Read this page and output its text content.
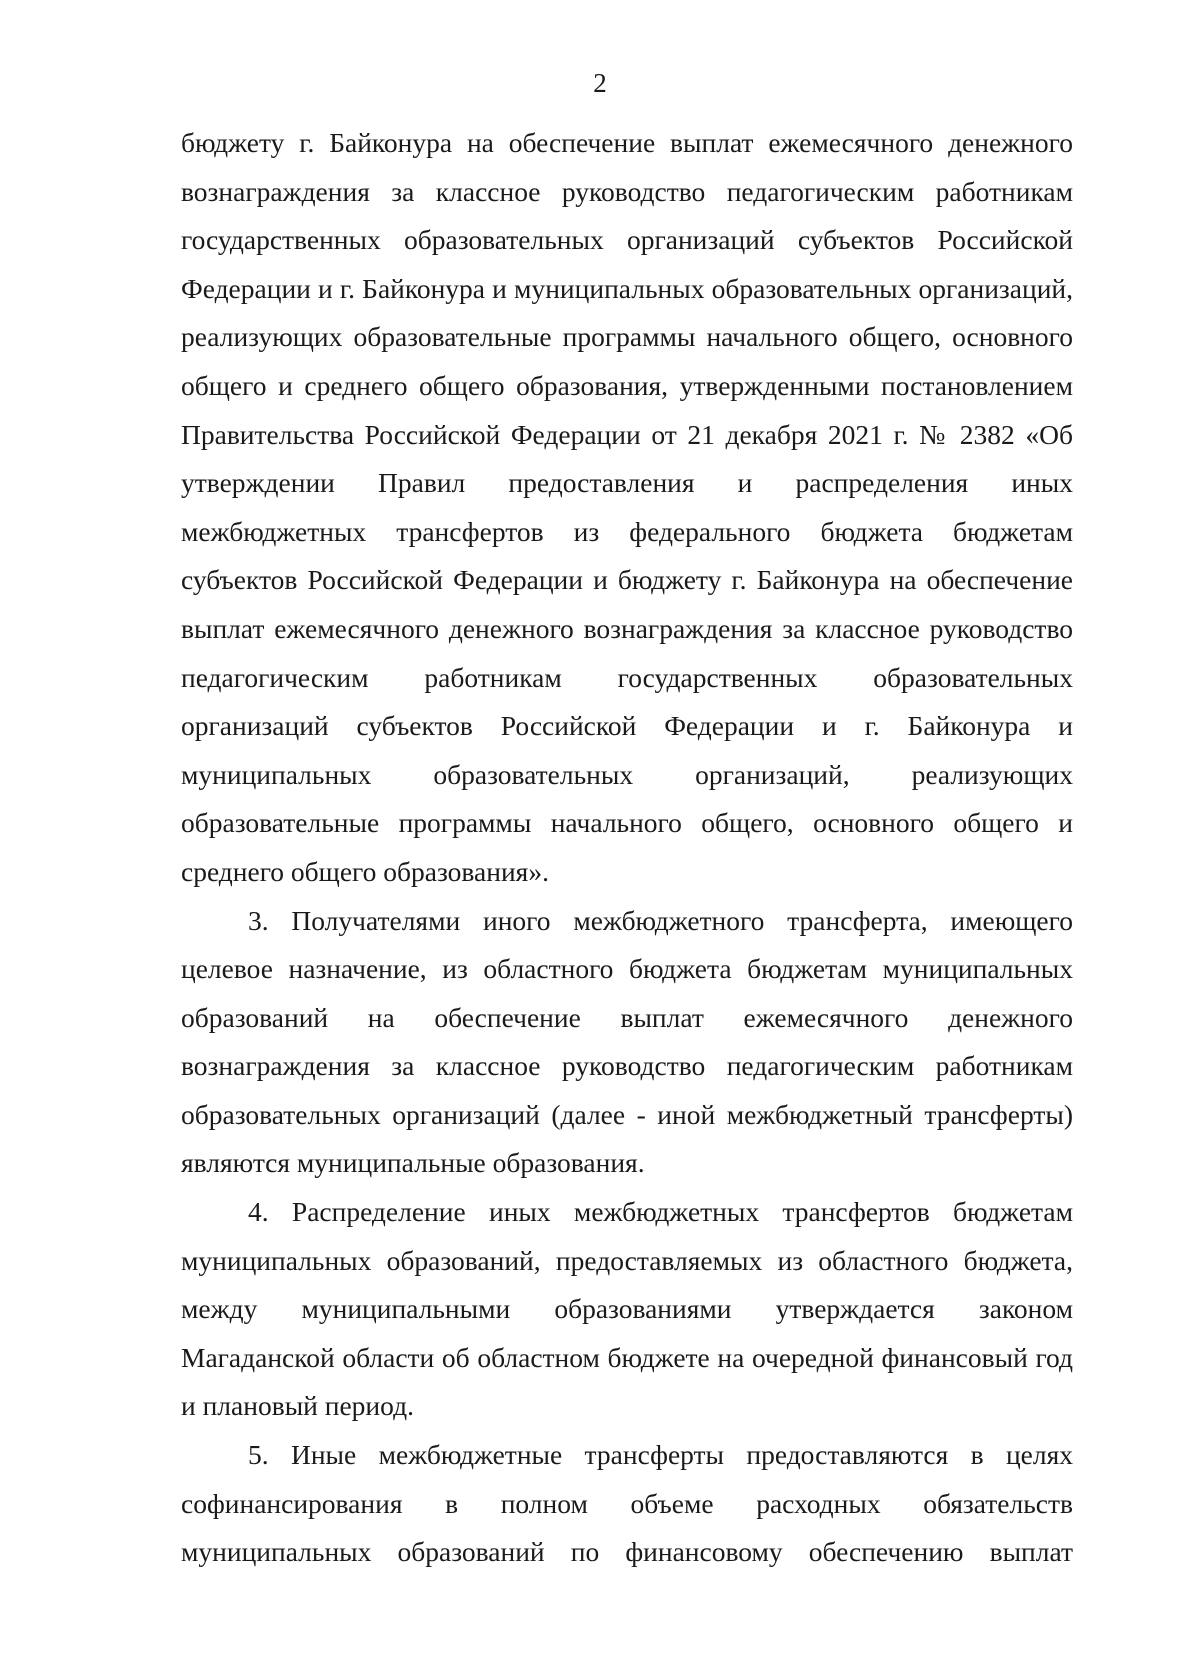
2

бюджету г. Байконура на обеспечение выплат ежемесячного денежного вознаграждения за классное руководство педагогическим работникам государственных образовательных организаций субъектов Российской Федерации и г. Байконура и муниципальных образовательных организаций, реализующих образовательные программы начального общего, основного общего и среднего общего образования, утвержденными постановлением Правительства Российской Федерации от 21 декабря 2021 г. № 2382 «Об утверждении Правил предоставления и распределения иных межбюджетных трансфертов из федерального бюджета бюджетам субъектов Российской Федерации и бюджету г. Байконура на обеспечение выплат ежемесячного денежного вознаграждения за классное руководство педагогическим работникам государственных образовательных организаций субъектов Российской Федерации и г. Байконура и муниципальных образовательных организаций, реализующих образовательные программы начального общего, основного общего и среднего общего образования».

3. Получателями иного межбюджетного трансферта, имеющего целевое назначение, из областного бюджета бюджетам муниципальных образований на обеспечение выплат ежемесячного денежного вознаграждения за классное руководство педагогическим работникам образовательных организаций (далее - иной межбюджетный трансферты) являются муниципальные образования.

4. Распределение иных межбюджетных трансфертов бюджетам муниципальных образований, предоставляемых из областного бюджета, между муниципальными образованиями утверждается законом Магаданской области об областном бюджете на очередной финансовый год и плановый период.

5. Иные межбюджетные трансферты предоставляются в целях софинансирования в полном объеме расходных обязательств муниципальных образований по финансовому обеспечению выплат
